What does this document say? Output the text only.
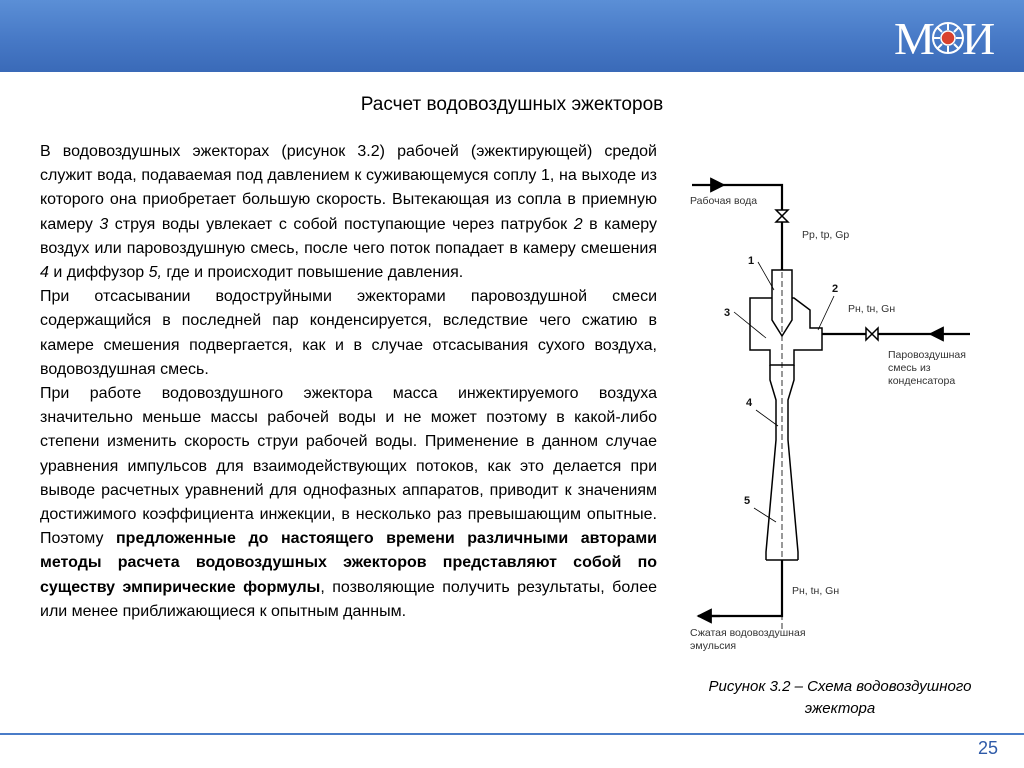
М И
Расчет водовоздушных эжекторов

В водовоздушных эжекторах (рисунок 3.2) рабочей (эжектирующей) средой служит вода, подаваемая под давлением к суживающемуся соплу 1, на выходе из которого она приобретает большую скорость. Вытекающая из сопла в приемную камеру 3 струя воды увлекает с собой поступающие через патрубок 2 в камеру воздух или паровоздушную смесь, после чего поток попадает в камеру смешения 4 и диффузор 5, где и происходит повышение давления.

При отсасывании водоструйными эжекторами паровоздушной смеси содержащийся в последней пар конденсируется, вследствие чего сжатию в камере смешения подвергается, как и в случае отсасывания сухого воздуха, водовоздушная смесь.

При работе водовоздушного эжектора масса инжектируемого воздуха значительно меньше массы рабочей воды и не может поэтому в какой-либо степени изменить скорость струи рабочей воды. Применение в данном случае уравнения импульсов для взаимодействующих потоков, как это делается при выводе расчетных уравнений для однофазных аппаратов, приводит к значениям достижимого коэффициента инжекции, в несколько раз превышающим опытные. Поэтому предложенные до настоящего времени различными авторами методы расчета водовоздушных эжекторов представляют собой по существу эмпирические формулы, позволяющие получить результаты, более или менее приближающиеся к опытным данным.

Рабочая вода
Pp, tp, Gp
Pн, tн, Gн
Паровоздушная
смесь из
конденсатора
Pн, tн, Gн
Сжатая водовоздушная
эмульсия
1
2
3
4
5
Рисунок 3.2 – Схема водовоздушного
эжектора
25
